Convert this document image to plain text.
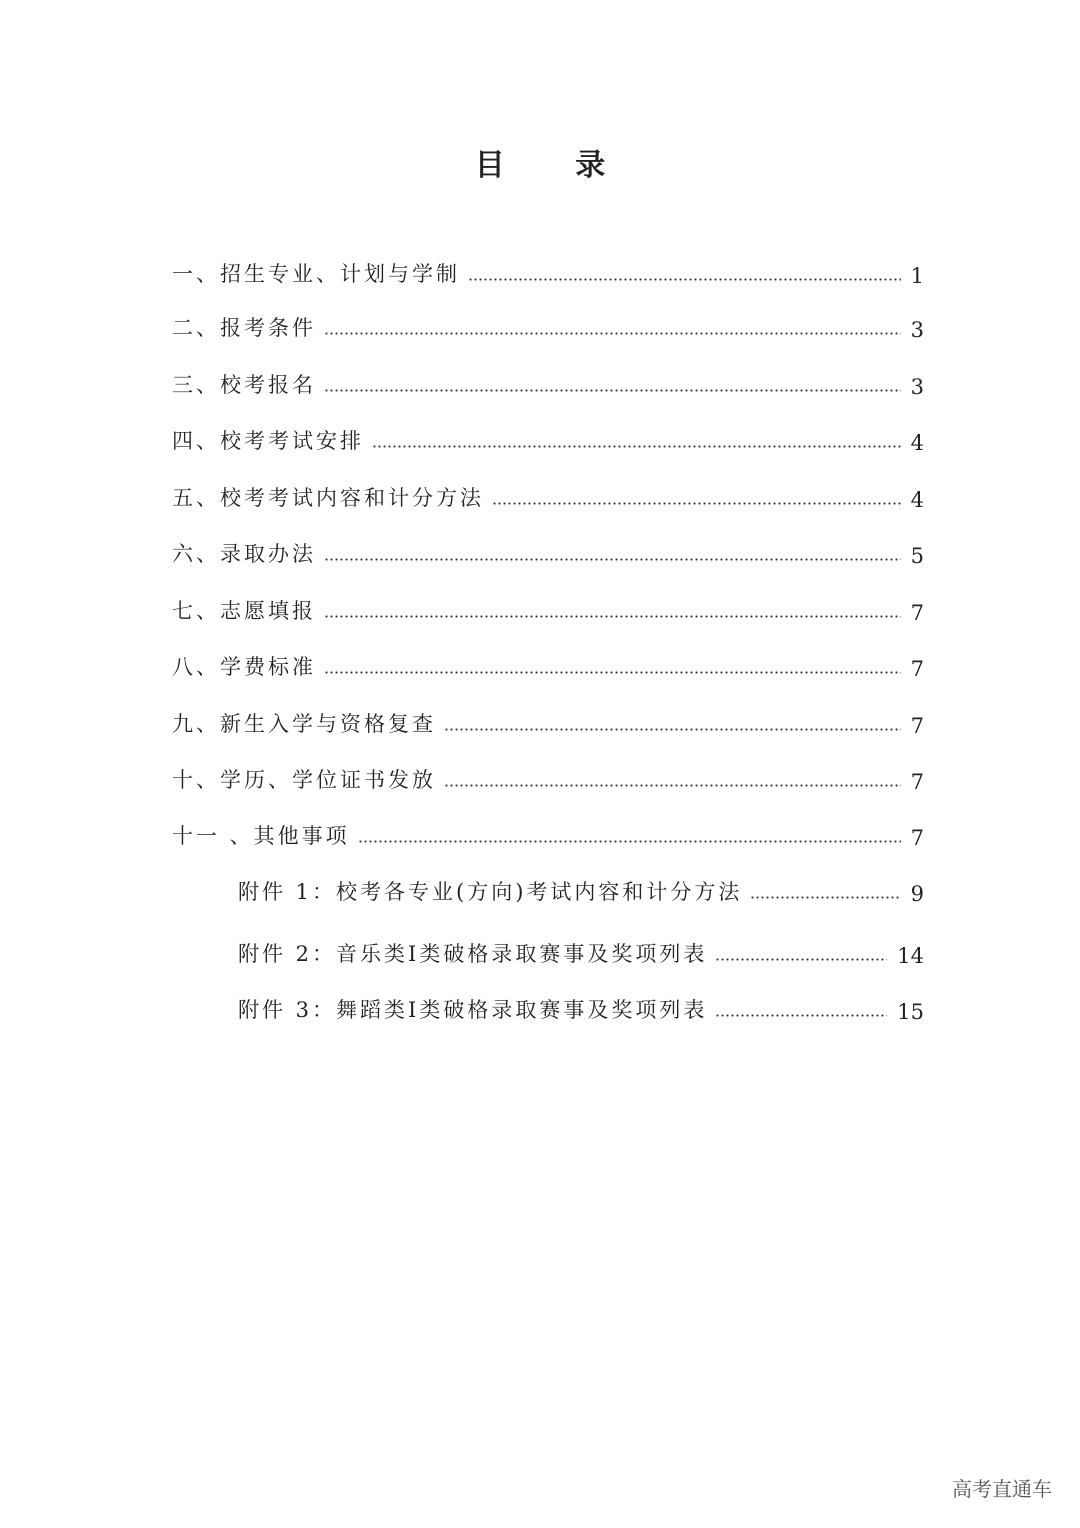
目 录
一、招生专业、计划与学制	1
二、报考条件	3
三、校考报名	3
四、校考考试安排	4
五、校考考试内容和计分方法	4
六、录取办法	5
七、志愿填报	7
八、学费标准	7
九、新生入学与资格复查	7
十、学历、学位证书发放	7
十一 、其他事项	7
附件 1：校考各专业(方向)考试内容和计分方法	9
附件 2：音乐类Ⅰ类破格录取赛事及奖项列表	14
附件 3：舞蹈类Ⅰ类破格录取赛事及奖项列表	15
高考直通车
